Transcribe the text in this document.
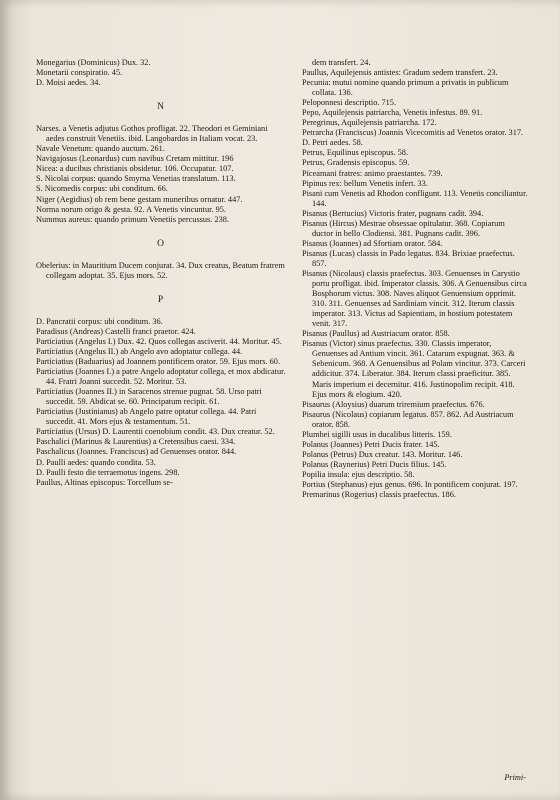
Monegarius (Dominicus) Dux. 32.
Monetarii conspiratio. 45.
D. Moisi aedes. 34.
N
Narses. a Venetis adjutus Gothos profligat. 22. Theodori et Geminiani aedes construit Venetiis. ibid. Langobardos in Italiam vocat. 23.
Navale Venetum: quando auctum. 261.
Navigajosus (Leonardus) cum navibus Cretam mittitur. 196
Nicea: a ducibus christianis obsidetur. 106. Occupatur. 107.
S. Nicolai corpus: quando Smyrna Venetias translatum. 113.
S. Nicomedis corpus: ubi conditum. 66.
Niger (Aegidius) ob rem bene gestam muneribus ornatur. 447.
Norma norum origo & gesta. 92. A Venetis vincuntur. 95.
Nummus aureus: quando primum Venetiis percussus. 238.
O
Obelerius: in Mauritium Ducem conjurat. 34. Dux creatus, Beatum fratrem collegam adoptat. 35. Ejus mors. 52.
P
D. Pancratii corpus: ubi conditum. 36.
Paradisus (Andreas) Castelli franci praetor. 424.
Particiatius (Angelus I.) Dux. 42. Quos collegas asciverit. 44. Moritur. 45.
Particiatius (Angelus II.) ab Angelo avo adoptatur collega. 44.
Particiatius (Baduarius) ad Joannem pontificem orator. 59. Ejus mors. 60.
Particiatius (Joannes I.) a patre Angelo adoptatur collega, et mox abdicatur. 44. Fratri Joanni succedit. 52. Moritur. 53.
Particiatius (Joannes II.) in Saracenos strenue pugnat. 58. Urso patri succedit. 59. Abdicat se. 60. Principatum recipit. 61.
Particiatius (Justinianus) ab Angelo patre optatur collega. 44. Patri succedit. 41. Mors ejus & testamentum. 51.
Particiatius (Ursus) D. Laurentii coenobium condit. 43. Dux creatur. 52.
Paschalici (Marinus & Laurentius) a Cretensibus caesi. 334.
Paschalicus (Joannes. Franciscus) ad Genuenses orator. 844.
D. Paulli aedes: quando condita. 53.
D. Paulli festo die terraemotus ingens. 298.
Paullus, Altinas episcopus: Torcellum se-
dem transfert. 24.
Paullus, Aquilejensis antistes: Gradum sedem transfert. 23.
Pecunia: mutui nomine quando primum a privatis in publicum collata. 136.
Peloponnesi descriptio. 715.
Pepo, Aquilejensis patriarcha, Venetis infestus. 89. 91.
Peregrinus, Aquilejensis patriarcha. 172.
Petrarcha (Franciscus) Joannis Vicecomitis ad Venetos orator. 317.
D. Petri aedes. 58.
Petrus, Equilinus episcopus. 58.
Petrus, Gradensis episcopus. 59.
Piceamani fratres: animo praestantes. 739.
Pipinus rex: bellum Venetis infert. 33.
Pisani cum Venetis ad Rhodon confligunt. 113. Venetis conciliantur. 144.
Pisanus (Bertucius) Victoris frater, pugnans cadit. 394.
Pisanus (Hircus) Mestrae obsessae opitulatur. 368. Copiarum ductor in bello Clodiensi. 381. Pugnans cadit. 396.
Pisanus (Joannes) ad Sfortiam orator. 584.
Pisanus (Lucas) classis in Pado legatus. 834. Brixiae praefectus. 857.
Pisanus (Nicolaus) classis praefectus. 303. Genuenses in Carystio portu profligat. ibid. Imperator classis. 306. A Genuensibus circa Bosphorum victus. 308. Naves aliquot Genuensium opprimit. 310. 311. Genuenses ad Sardiniam vincit. 312. Iterum classis imperator. 313. Victus ad Sapientiam, in hostium potestatem venit. 317.
Pisanus (Paullus) ad Austriacum orator. 858.
Pisanus (Victor) sinus praefectus. 330. Classis imperator, Genuenses ad Antium vincit. 361. Catarum expugnat. 363. & Sebenicum. 368. A Genuensibus ad Polam vincitur. 373. Carceri addicitur. 374. Liberatur. 384. Iterum classi praeficitur. 385. Maris imperium ei decernitur. 416. Justinopolim recipit. 418. Ejus mors & elogium. 420.
Pisaurus (Aloysius) duarum triremium praefectus. 676.
Pisaurus (Nicolaus) copiarum legatus. 857. 862. Ad Austriacum orator. 858.
Plumbei sigilli usus in ducalibus litteris. 159.
Polanus (Joannes) Petri Ducis frater. 145.
Polanus (Petrus) Dux creatur. 143. Moritur. 146.
Polanus (Raynerius) Petri Ducis filius. 145.
Popilia insula: ejus descriptio. 58.
Portius (Stephanus) ejus genus. 696. In pontificem conjurat. 197.
Premarinus (Rogerius) classis praefectus. 186.
Primi-
